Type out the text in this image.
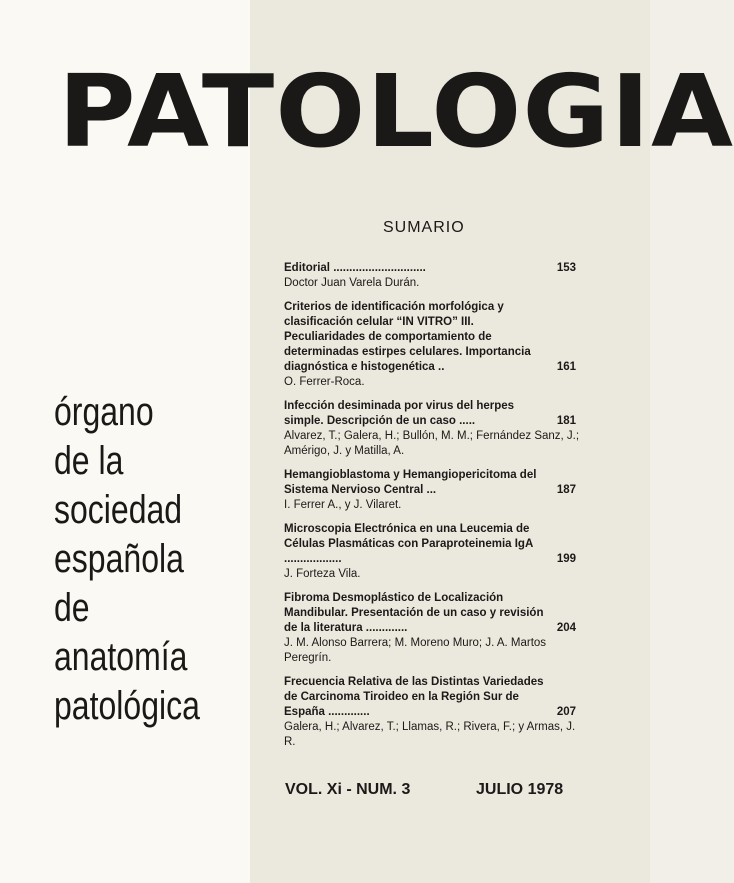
PATOLOGIA
órgano
de la
sociedad
española
de
anatomía
patológica
SUMARIO
Editorial .............................	153
Doctor Juan Varela Durán.
Criterios de identificación morfológica y clasificación celular “IN VITRO” III. Peculiaridades de comportamiento de determinadas estirpes celulares. Importancia diagnóstica e histogenética ..	161
O. Ferrer-Roca.
Infección desiminada por virus del herpes simple. Descripción de un caso .....	181
Alvarez, T.; Galera, H.; Bullón, M. M.; Fernández Sanz, J.; Amérigo, J. y Matilla, A.
Hemangioblastoma y Hemangiopericitoma del Sistema Nervioso Central ...	187
I. Ferrer A., y J. Vilaret.
Microscopia Electrónica en una Leucemia de Células Plasmáticas con Paraproteinemia IgA ..................	199
J. Forteza Vila.
Fibroma Desmoplástico de Localización Mandibular. Presentación de un caso y revisión de la literatura .............	204
J. M. Alonso Barrera; M. Moreno Muro; J. A. Martos Peregrín.
Frecuencia Relativa de las Distintas Variedades de Carcinoma Tiroideo en la Región Sur de España .............	207
Galera, H.; Alvarez, T.; Llamas, R.; Rivera, F.; y Armas, J. R.
VOL. Xi - NUM. 3	JULIO 1978
